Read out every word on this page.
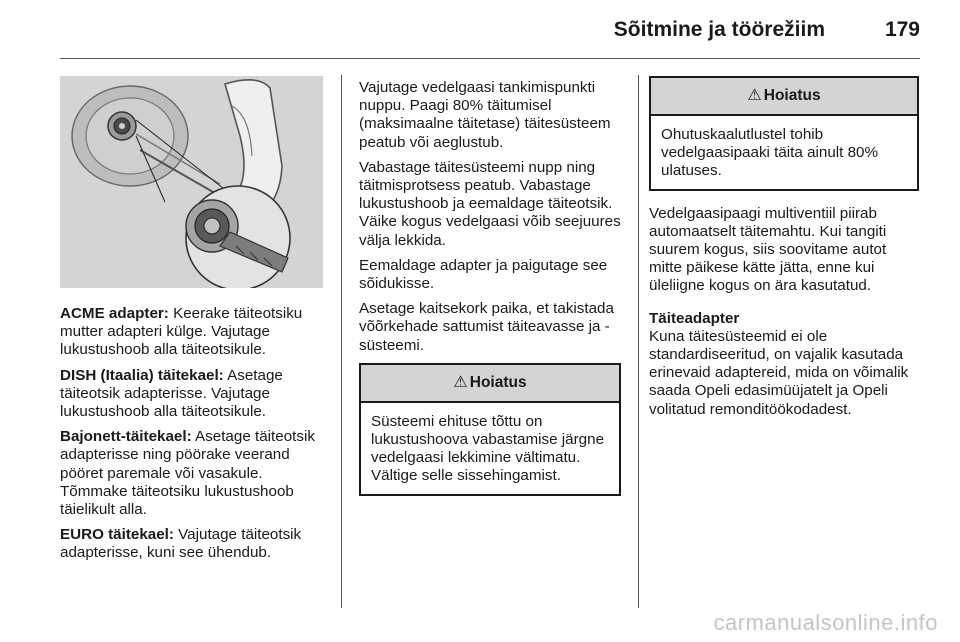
Sõitmine ja töörežiim	179

ACME adapter: Keerake täiteotsiku mutter adapteri külge. Vajutage lukustushoob alla täiteotsikule.

DISH (Itaalia) täitekael: Asetage täiteotsik adapterisse. Vajutage lukustushoob alla täiteotsikule.

Bajonett-täitekael: Asetage täiteotsik adapterisse ning pöörake veerand pööret paremale või vasakule. Tõmmake täiteotsiku lukustushoob täielikult alla.

EURO täitekael: Vajutage täiteotsik adapterisse, kuni see ühendub.

Vajutage vedelgaasi tankimispunkti nuppu. Paagi 80% täitumisel (maksimaalne täitetase) täitesüsteem peatub või aeglustub.

Vabastage täitesüsteemi nupp ning täitmisprotsess peatub. Vabastage lukustushoob ja eemaldage täiteotsik. Väike kogus vedelgaasi võib seejuures välja lekkida.

Eemaldage adapter ja paigutage see sõidukisse.

Asetage kaitsekork paika, et takistada võõrkehade sattumist täiteavasse ja -süsteemi.

⚠ Hoiatus
Süsteemi ehituse tõttu on lukustushoova vabastamise järgne vedelgaasi lekkimine vältimatu. Vältige selle sissehingamist.
⚠ Hoiatus
Ohutuskaalutlustel tohib vedelgaasipaaki täita ainult 80% ulatuses.

Vedelgaasipaagi multiventiil piirab automaatselt täitemahtu. Kui tangiti suurem kogus, siis soovitame autot mitte päikese kätte jätta, enne kui üleliigne kogus on ära kasutatud.

Täiteadapter

Kuna täitesüsteemid ei ole standardiseeritud, on vajalik kasutada erinevaid adaptereid, mida on võimalik saada Opeli edasimüüjatelt ja Opeli volitatud remonditöökodadest.

carmanualsonline.info
